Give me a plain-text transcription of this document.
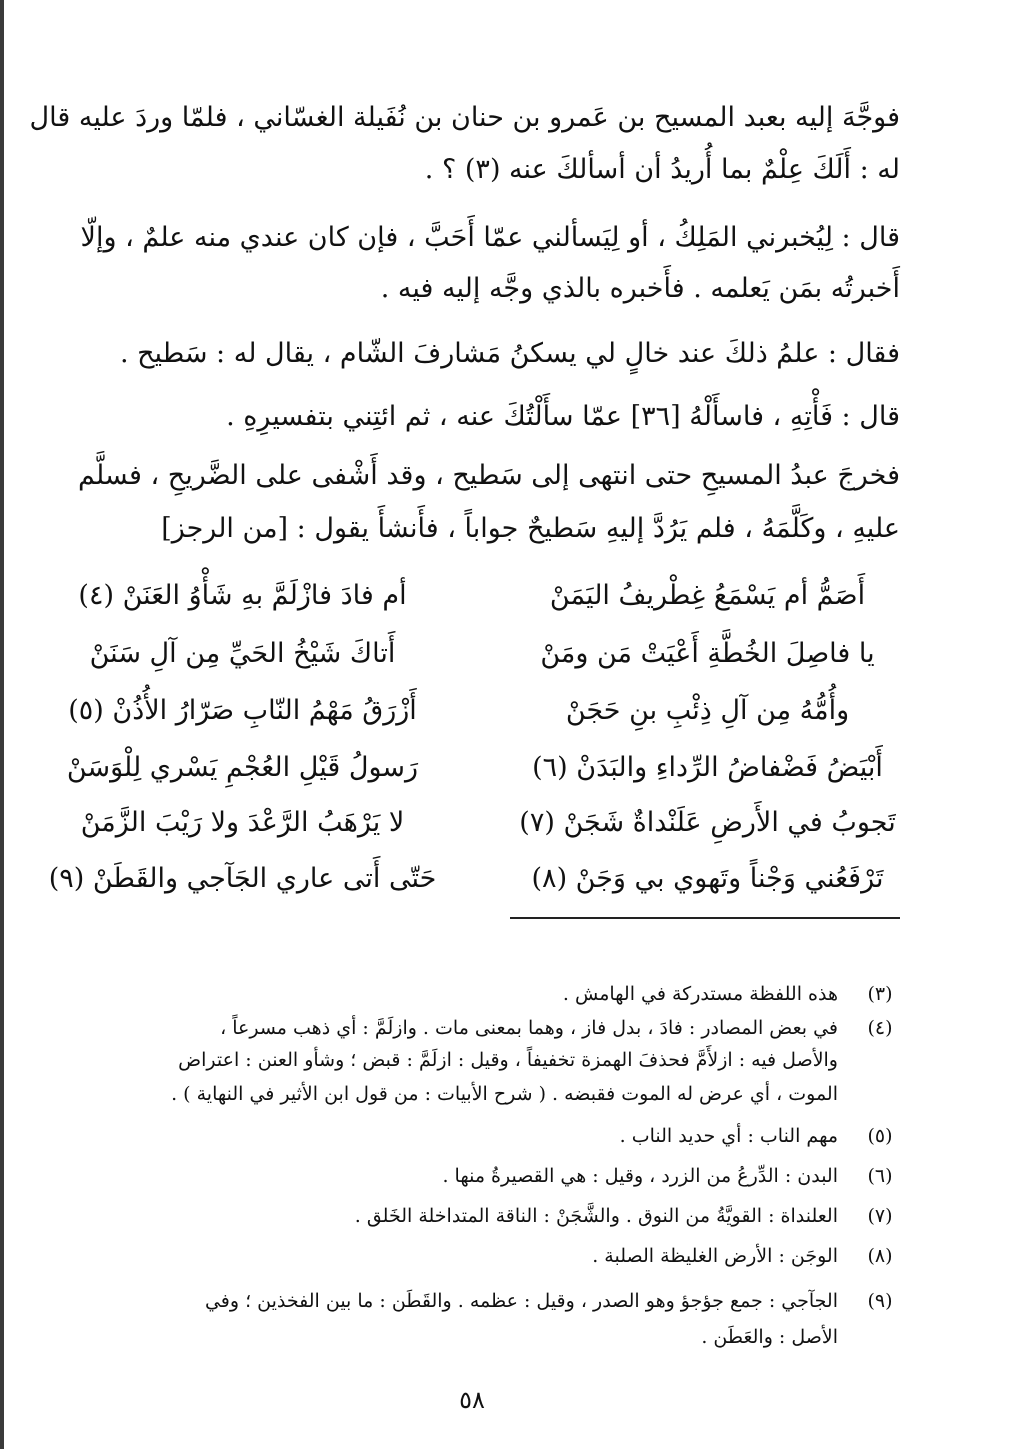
فوجَّهَ إليه بعبد المسيح بن عَمرو بن حنان بن نُفَيلة الغسّاني ، فلمّا وردَ عليه قال
له : أَلَكَ عِلْمٌ بما أُريدُ أن أسألكَ عنه (٣) ؟ .
قال : لِيُخبرني المَلِكُ ، أو لِيَسألني عمّا أَحَبَّ ، فإن كان عندي منه علمٌ ، وإلّا
أَخبرتُه بمَن يَعلمه . فأَخبره بالذي وجَّه إليه فيه .
فقال : علمُ ذلكَ عند خالٍ لي يسكنُ مَشارفَ الشّام ، يقال له : سَطيح .
قال : فَأْتِهِ ، فاسأَلْهُ [٣٦] عمّا سأَلْتُكَ عنه ، ثم ائتِني بتفسيرِهِ .
فخرجَ عبدُ المسيحِ حتى انتهى إلى سَطيح ، وقد أَشْفى على الضَّريحِ ، فسلَّم
عليهِ ، وكَلَّمَهُ ، فلم يَرُدَّ إليهِ سَطيحٌ جواباً ، فأَنشأَ يقول : [من الرجز]
أَصَمُّ أم يَسْمَعُ غِطْريفُ اليَمَنْ
أم فادَ فازْلَمَّ بهِ شَأْوُ العَنَنْ (٤)
يا فاصِلَ الخُطَّةِ أَعْيَتْ مَن ومَنْ
أَتاكَ شَيْخُ الحَيِّ مِن آلِ سَنَنْ
وأُمُّهُ مِن آلِ ذِئْبِ بنِ حَجَنْ
أَزْرَقُ مَهْمُ النّابِ صَرّارُ الأُذُنْ (٥)
أَبْيَضُ فَضْفاضُ الرِّداءِ والبَدَنْ (٦)
رَسولُ قَيْلِ العُجْمِ يَسْري لِلْوَسَنْ
تَجوبُ في الأَرضِ عَلَنْداةٌ شَجَنْ (٧)
لا يَرْهَبُ الرَّعْدَ ولا رَيْبَ الزَّمَنْ
تَرْفَعُني وَجْناً وتَهوي بي وَجَنْ (٨)
حَتّى أَتى عاري الجَآجي والقَطَنْ (٩)
(٣)
هذه اللفظة مستدركة في الهامش .
(٤)
في بعض المصادر : فادَ ، بدل فاز ، وهما بمعنى مات . وازلَمَّ : أي ذهب مسرعاً ،
والأصل فيه : ازلأَمَّ فحذفَ الهمزة تخفيفاً ، وقيل : ازلَمَّ : قبض ؛ وشأو العنن : اعتراض
الموت ، أي عرض له الموت فقبضه . ( شرح الأبيات : من قول ابن الأثير في النهاية ) .
(٥)
مهم الناب : أي حديد الناب .
(٦)
البدن : الدِّرعُ من الزرد ، وقيل : هي القصيرةُ منها .
(٧)
العلنداة : القويَّةُ من النوق . والشَّجَنْ : الناقة المتداخلة الخَلق .
(٨)
الوجَن : الأرض الغليظة الصلبة .
(٩)
الجآجي : جمع جؤجؤ وهو الصدر ، وقيل : عظمه . والقَطَن : ما بين الفخذين ؛ وفي
الأصل : والعَطَن .
٥٨
